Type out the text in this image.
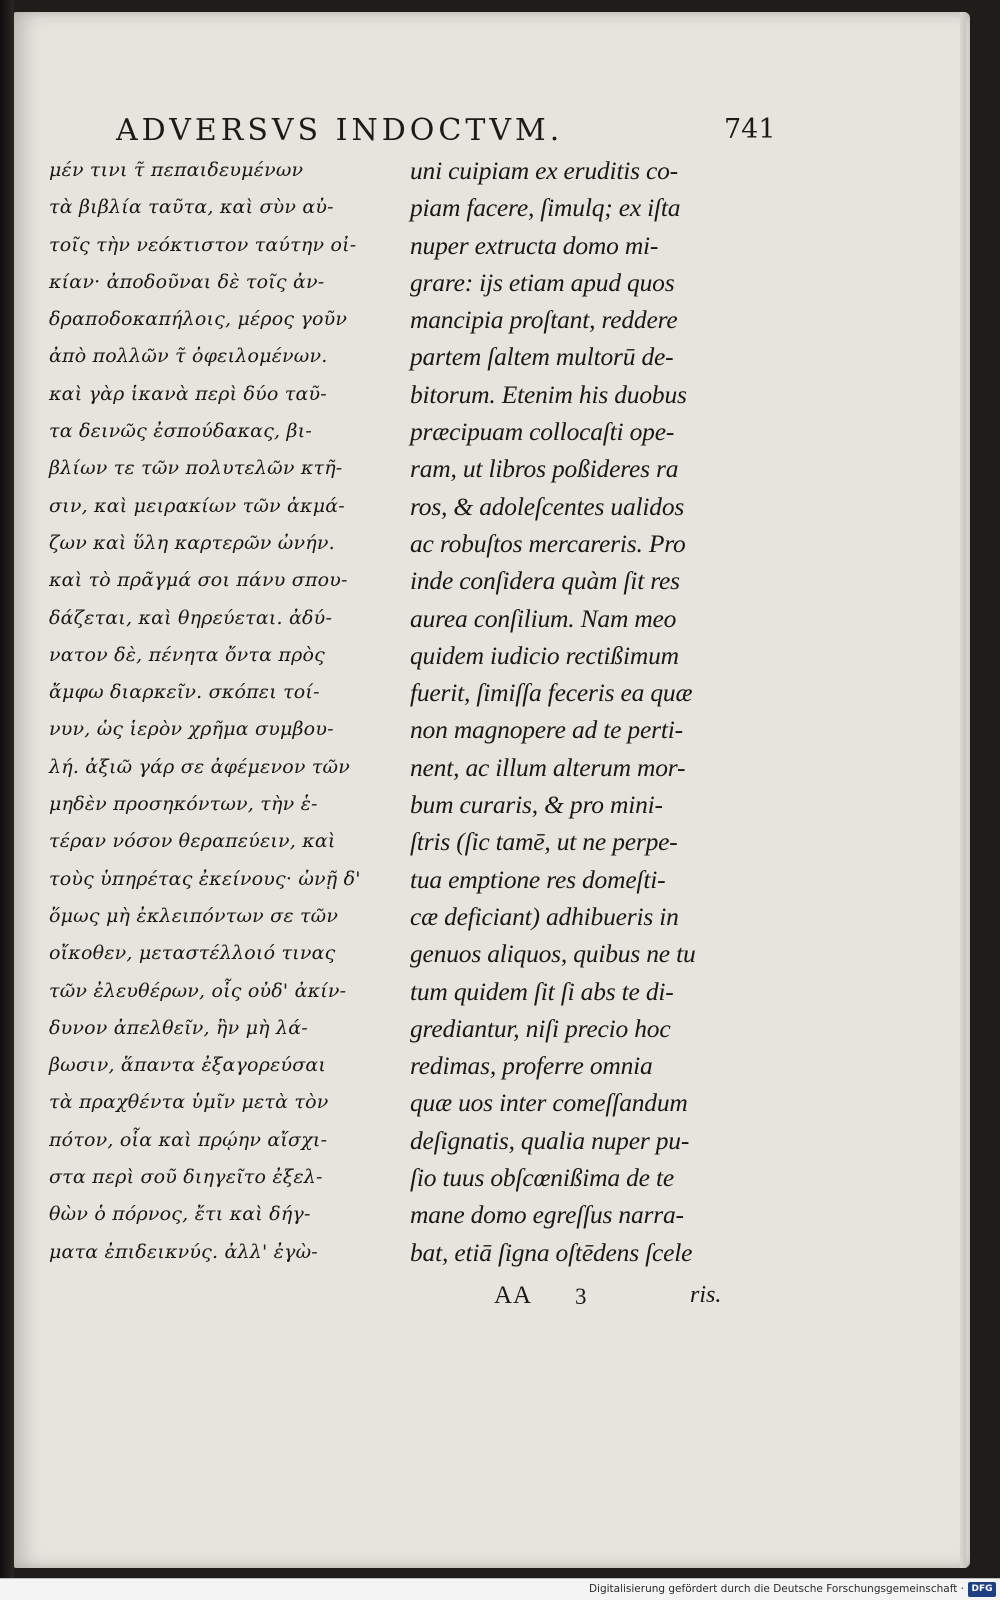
ADVERSVS INDOCTVM.	741
μέν τινι τ̃ πεπαιδευμένων
τὰ βιβλία ταῦτα, καὶ σὺν αὐ-
τοῖς τὴν νεόκτιστον ταύτην οἰ-
κίαν· ἀποδοῦναι δὲ τοῖς ἀν-
δραποδοκαπήλοις, μέρος γοῦν
ἀπὸ πολλῶν τ̃ ὀφειλομένων.
καὶ γὰρ ἱκανὰ περὶ δύο ταῦ-
τα δεινῶς ἐσπούδακας, βι-
βλίων τε τῶν πολυτελῶν κτῆ-
σιν, καὶ μειρακίων τῶν ἀκμά-
ζων καὶ ὕλη καρτερῶν ὠνήν.
καὶ τὸ πρᾶγμά σοι πάνυ σπου-
δάζεται, καὶ θηρεύεται. ἀδύ-
νατον δὲ, πένητα ὄντα πρὸς
ἄμφω διαρκεῖν. σκόπει τοί-
νυν, ὡς ἱερὸν χρῆμα συμβου-
λή. ἀξιῶ γάρ σε ἀφέμενον τῶν
μηδὲν προσηκόντων, τὴν ἑ-
τέραν νόσον θεραπεύειν, καὶ
τοὺς ὑπηρέτας ἐκείνους· ὠνῇ δ'
ὅμως μὴ ἐκλειπόντων σε τῶν
οἴκοθεν, μεταστέλλοιό τινας
τῶν ἐλευθέρων, οἷς οὐδ' ἀκίν-
δυνον ἀπελθεῖν, ἢν μὴ λά-
βωσιν, ἅπαντα ἐξαγορεύσαι
τὰ πραχθέντα ὑμῖν μετὰ τὸν
πότον, οἷα καὶ πρῴην αἴσχι-
στα περὶ σοῦ διηγεῖτο ἐξελ-
θὼν ὁ πόρνος, ἔτι καὶ δήγ-
ματα ἐπιδεικνύς. ἀλλ' ἐγὼ-
uni cuipiam ex eruditis co-
piam facere, ſimulq; ex iſta
nuper extructa domo mi-
grare: ijs etiam apud quos
mancipia proſtant, reddere
partem ſaltem multorū de-
bitorum. Etenim his duobus
præcipuam collocaſti ope-
ram, ut libros poßideres ra
ros, & adoleſcentes ualidos
ac robuſtos mercareris. Pro
inde conſidera quàm ſit res
aurea conſilium. Nam meo
quidem iudicio rectißimum
fuerit, ſimiſſa feceris ea quæ
non magnopere ad te perti-
nent, ac illum alterum mor-
bum curaris, & pro mini-
ſtris (ſic tamē, ut ne perpe-
tua emptione res domeſti-
cæ deficiant) adhibueris in
genuos aliquos, quibus ne tu
tum quidem ſit ſi abs te di-
grediantur, niſi precio hoc
redimas, proferre omnia
quæ uos inter comeſſandum
deſignatis, qualia nuper pu-
ſio tuus obſcœnißima de te
mane domo egreſſus narra-
bat, etiā ſigna oſtēdens ſcele
AA 3	ris.
Digitalisierung gefördert durch die Deutsche Forschungsgemeinschaft · DFG
